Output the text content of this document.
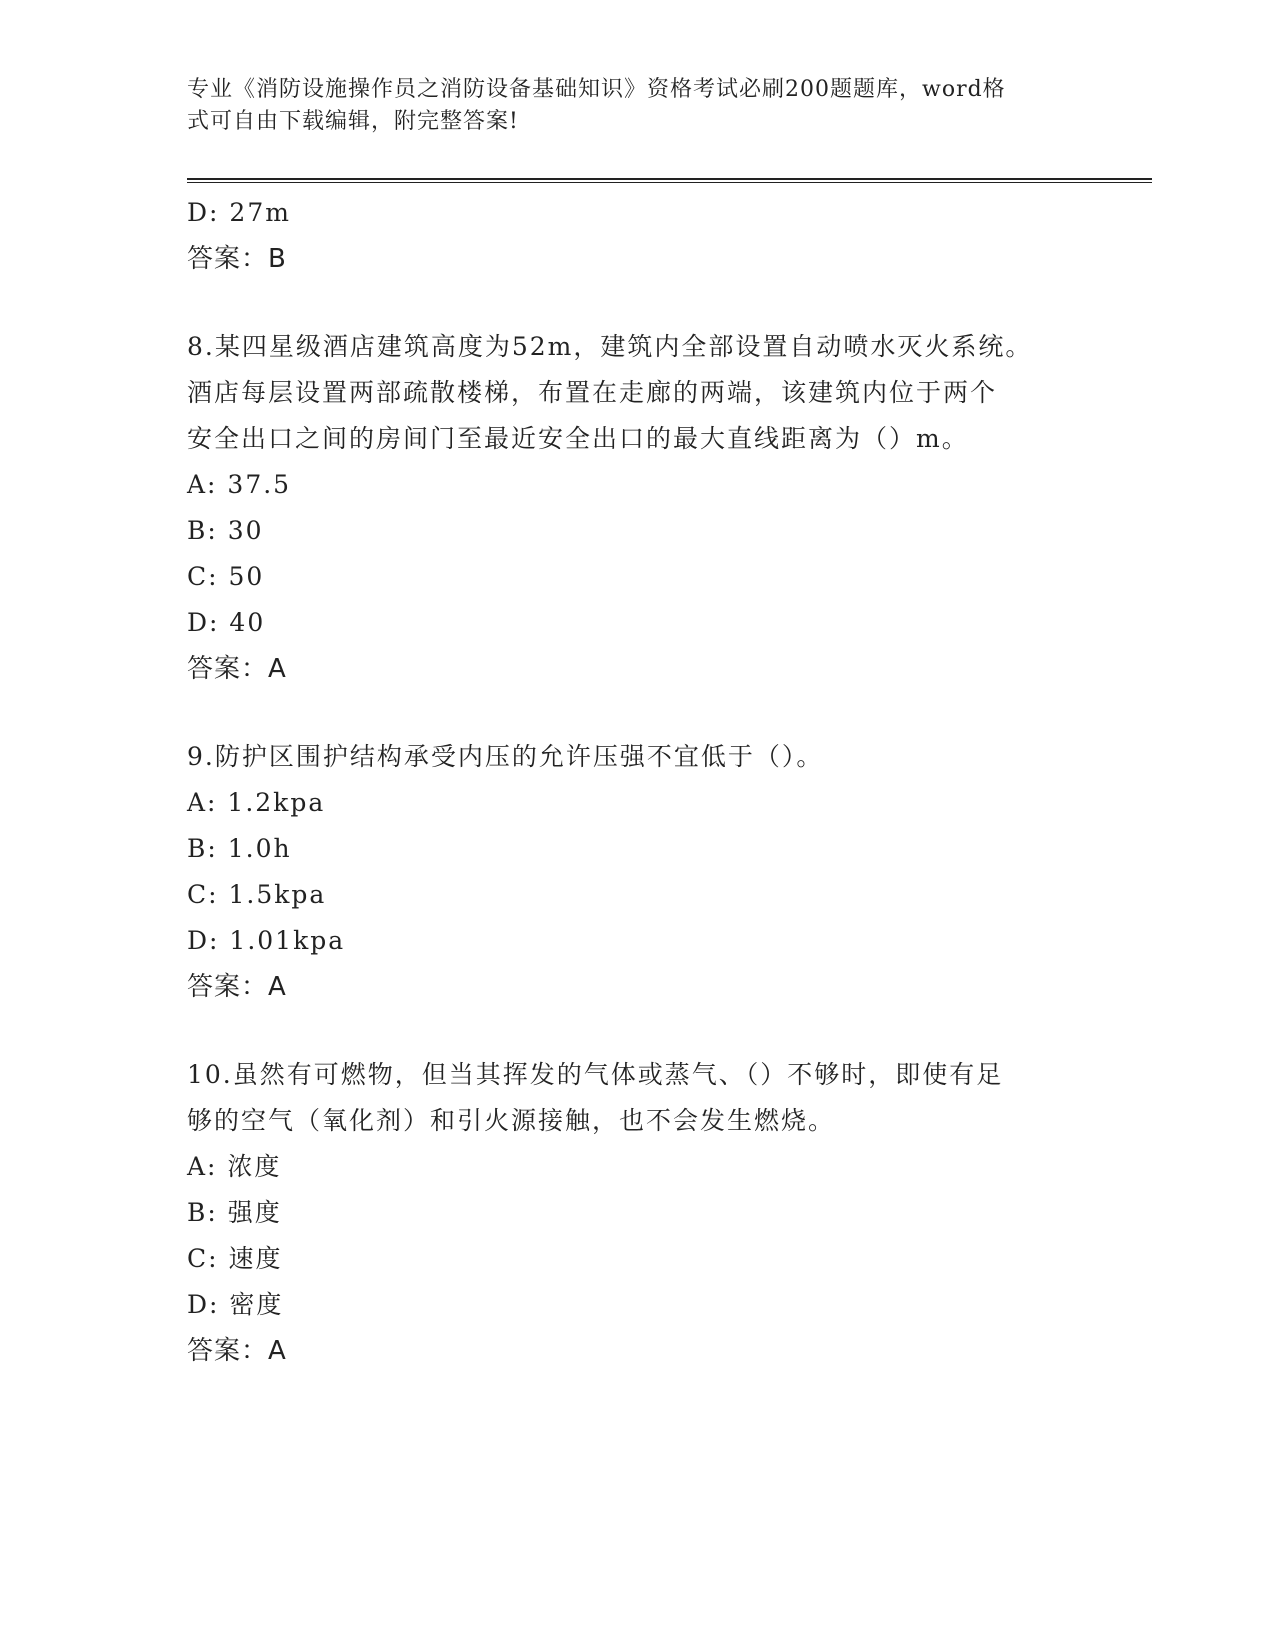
专业《消防设施操作员之消防设备基础知识》资格考试必刷200题题库，word格
式可自由下载编辑，附完整答案!
D: 27m
答案：B
8.某四星级酒店建筑高度为52m，建筑内全部设置自动喷水灭火系统。
酒店每层设置两部疏散楼梯，布置在走廊的两端，该建筑内位于两个
安全出口之间的房间门至最近安全出口的最大直线距离为（）m。
A: 37.5
B: 30
C: 50
D: 40
答案：A
9.防护区围护结构承受内压的允许压强不宜低于（）。
A: 1.2kpa
B: 1.0h
C: 1.5kpa
D: 1.01kpa
答案：A
10.虽然有可燃物，但当其挥发的气体或蒸气、（）不够时，即使有足
够的空气（氧化剂）和引火源接触，也不会发生燃烧。
A: 浓度
B: 强度
C: 速度
D: 密度
答案：A
